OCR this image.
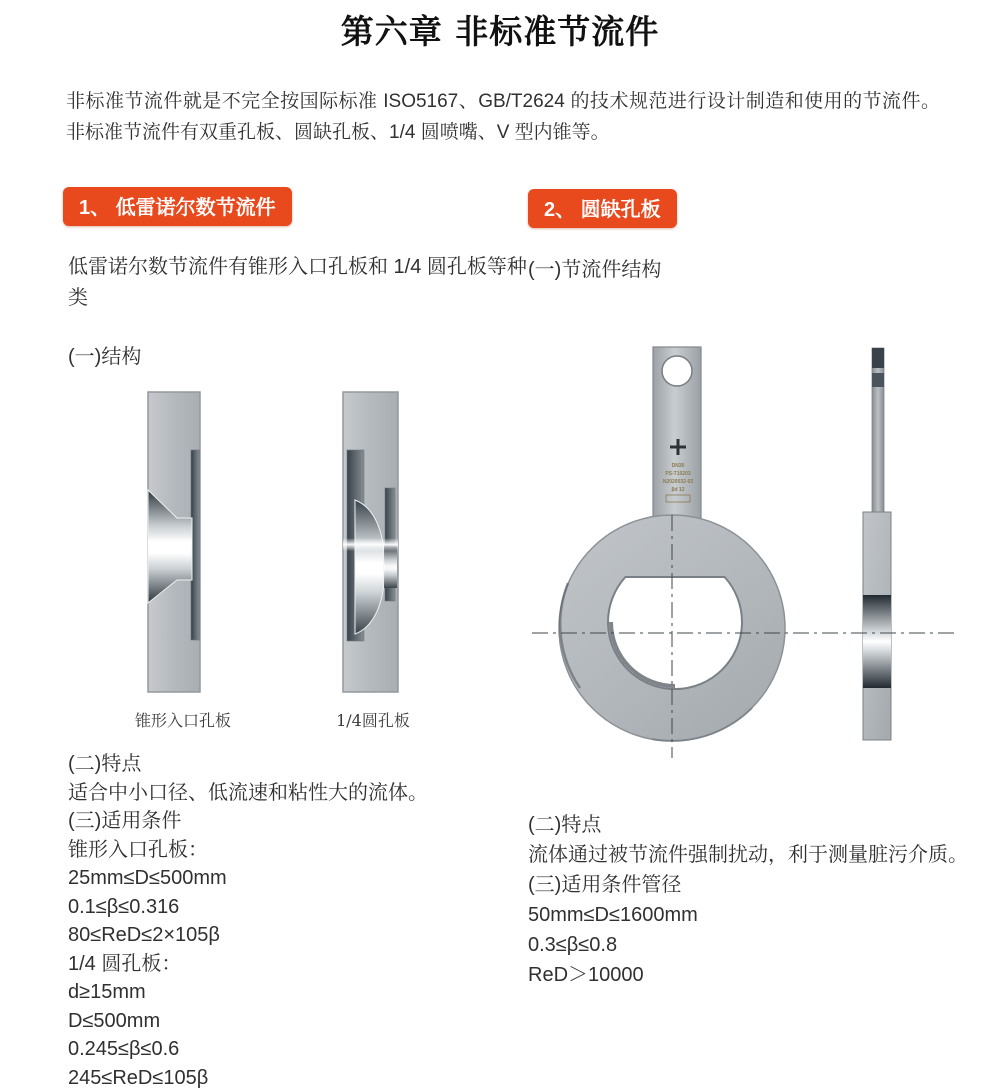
第六章 非标准节流件
非标准节流件就是不完全按国际标准 ISO5167、GB/T2624 的技术规范进行设计制造和使用的节流件。非标准节流件有双重孔板、圆缺孔板、1/4 圆喷嘴、V 型内锥等。
1、 低雷诺尔数节流件	2、 圆缺孔板
低雷诺尔数节流件有锥形入口孔板和 1/4 圆孔板等种类
(一)结构
(一)节流件结构
锥形入口孔板	1/4圆孔板
DN30
PS-T10203
N2020032-03
βd 12
(二)特点
适合中小口径、低流速和粘性大的流体。
(三)适用条件
锥形入口孔板：
25mm≤D≤500mm
0.1≤β≤0.316
80≤ReD≤2×105β
1/4 圆孔板：
d≥15mm
D≤500mm
0.245≤β≤0.6
245≤ReD≤105β
(二)特点
流体通过被节流件强制扰动，利于测量脏污介质。
(三)适用条件管径
50mm≤D≤1600mm
0.3≤β≤0.8
ReD＞10000
